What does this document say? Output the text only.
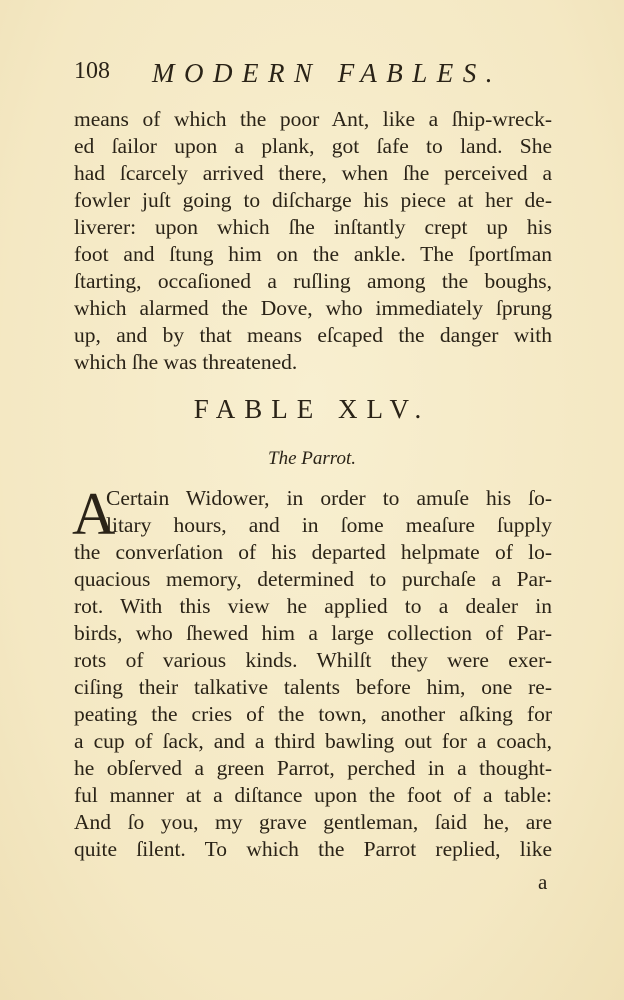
108 MODERN FABLES.
means of which the poor Ant, like a ſhip-wreck-
ed ſailor upon a plank, got ſafe to land. She
had ſcarcely arrived there, when ſhe perceived a
fowler juſt going to diſcharge his piece at her de-
liverer: upon which ſhe inſtantly crept up his
foot and ſtung him on the ankle. The ſportſman
ſtarting, occaſioned a ruſling among the boughs,
which alarmed the Dove, who immediately ſprung
up, and by that means eſcaped the danger with
which ſhe was threatened.
FABLE XLV.
The Parrot.
A
Certain Widower, in order to amuſe his ſo-
litary hours, and in ſome meaſure ſupply
the converſation of his departed helpmate of lo-
quacious memory, determined to purchaſe a Par-
rot. With this view he applied to a dealer in
birds, who ſhewed him a large collection of Par-
rots of various kinds. Whilſt they were exer-
ciſing their talkative talents before him, one re-
peating the cries of the town, another aſking for
a cup of ſack, and a third bawling out for a coach,
he obſerved a green Parrot, perched in a thought-
ful manner at a diſtance upon the foot of a table:
And ſo you, my grave gentleman, ſaid he, are
quite ſilent. To which the Parrot replied, like
a
